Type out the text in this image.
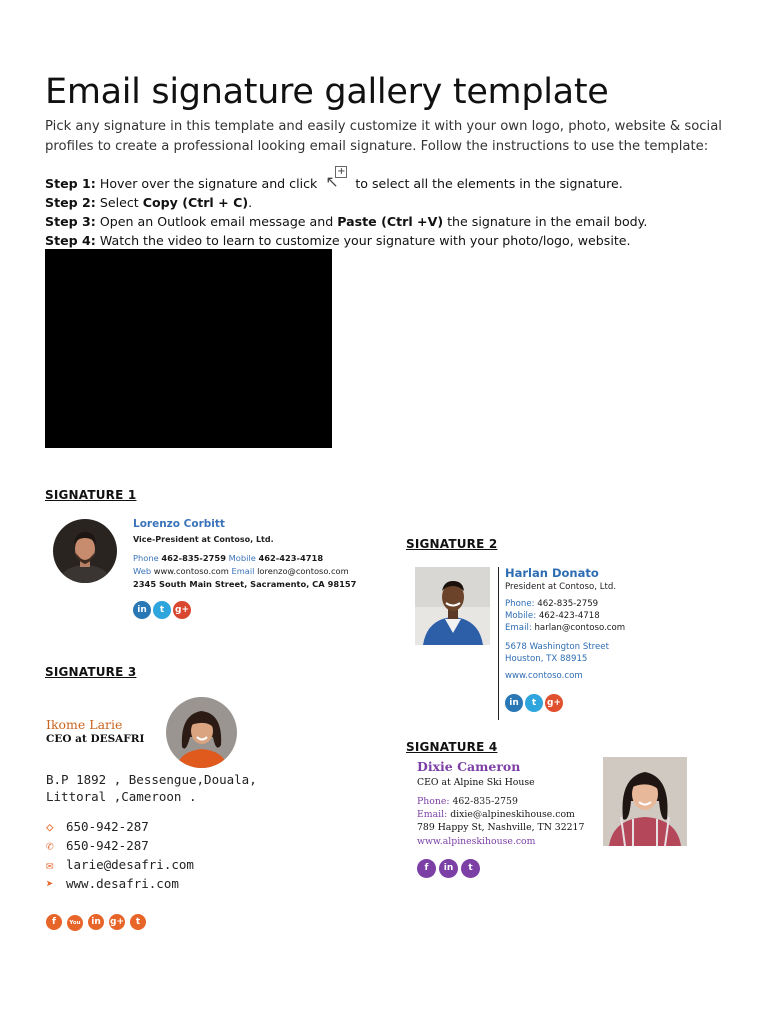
Email signature gallery template
Pick any signature in this template and easily customize it with your own logo, photo, website & social
profiles to create a professional looking email signature. Follow the instructions to use the template:
Step 1: Hover over the signature and click
+
↖ to select all the elements in the signature.
Step 2: Select Copy (Ctrl + C).
Step 3: Open an Outlook email message and Paste (Ctrl +V) the signature in the email body.
Step 4: Watch the video to learn to customize your signature with your photo/logo, website.
SIGNATURE 1
Lorenzo Corbitt
Vice-President at Contoso, Ltd.
Phone 462-835-2759 Mobile 462-423-4718
Web www.contoso.com Email lorenzo@contoso.com
2345 South Main Street, Sacramento, CA 98157
in t g+
SIGNATURE 2
Harlan Donato
President at Contoso, Ltd.
Phone: 462-835-2759
Mobile: 462-423-4718
Email: harlan@contoso.com
5678 Washington Street
Houston, TX 88915
www.contoso.com
in t g+
SIGNATURE 3
Ikome Larie
CEO at DESAFRI
B.P 1892 , Bessengue,Douala,
Littoral ,Cameroon .
◇ 650-942-287
✆ 650-942-287
✉ larie@desafri.com
➤ www.desafri.com
f You in g+ t
SIGNATURE 4
Dixie Cameron
CEO at Alpine Ski House
Phone: 462-835-2759
Email: dixie@alpineskihouse.com
789 Happy St, Nashville, TN 32217
www.alpineskihouse.com
f in t
